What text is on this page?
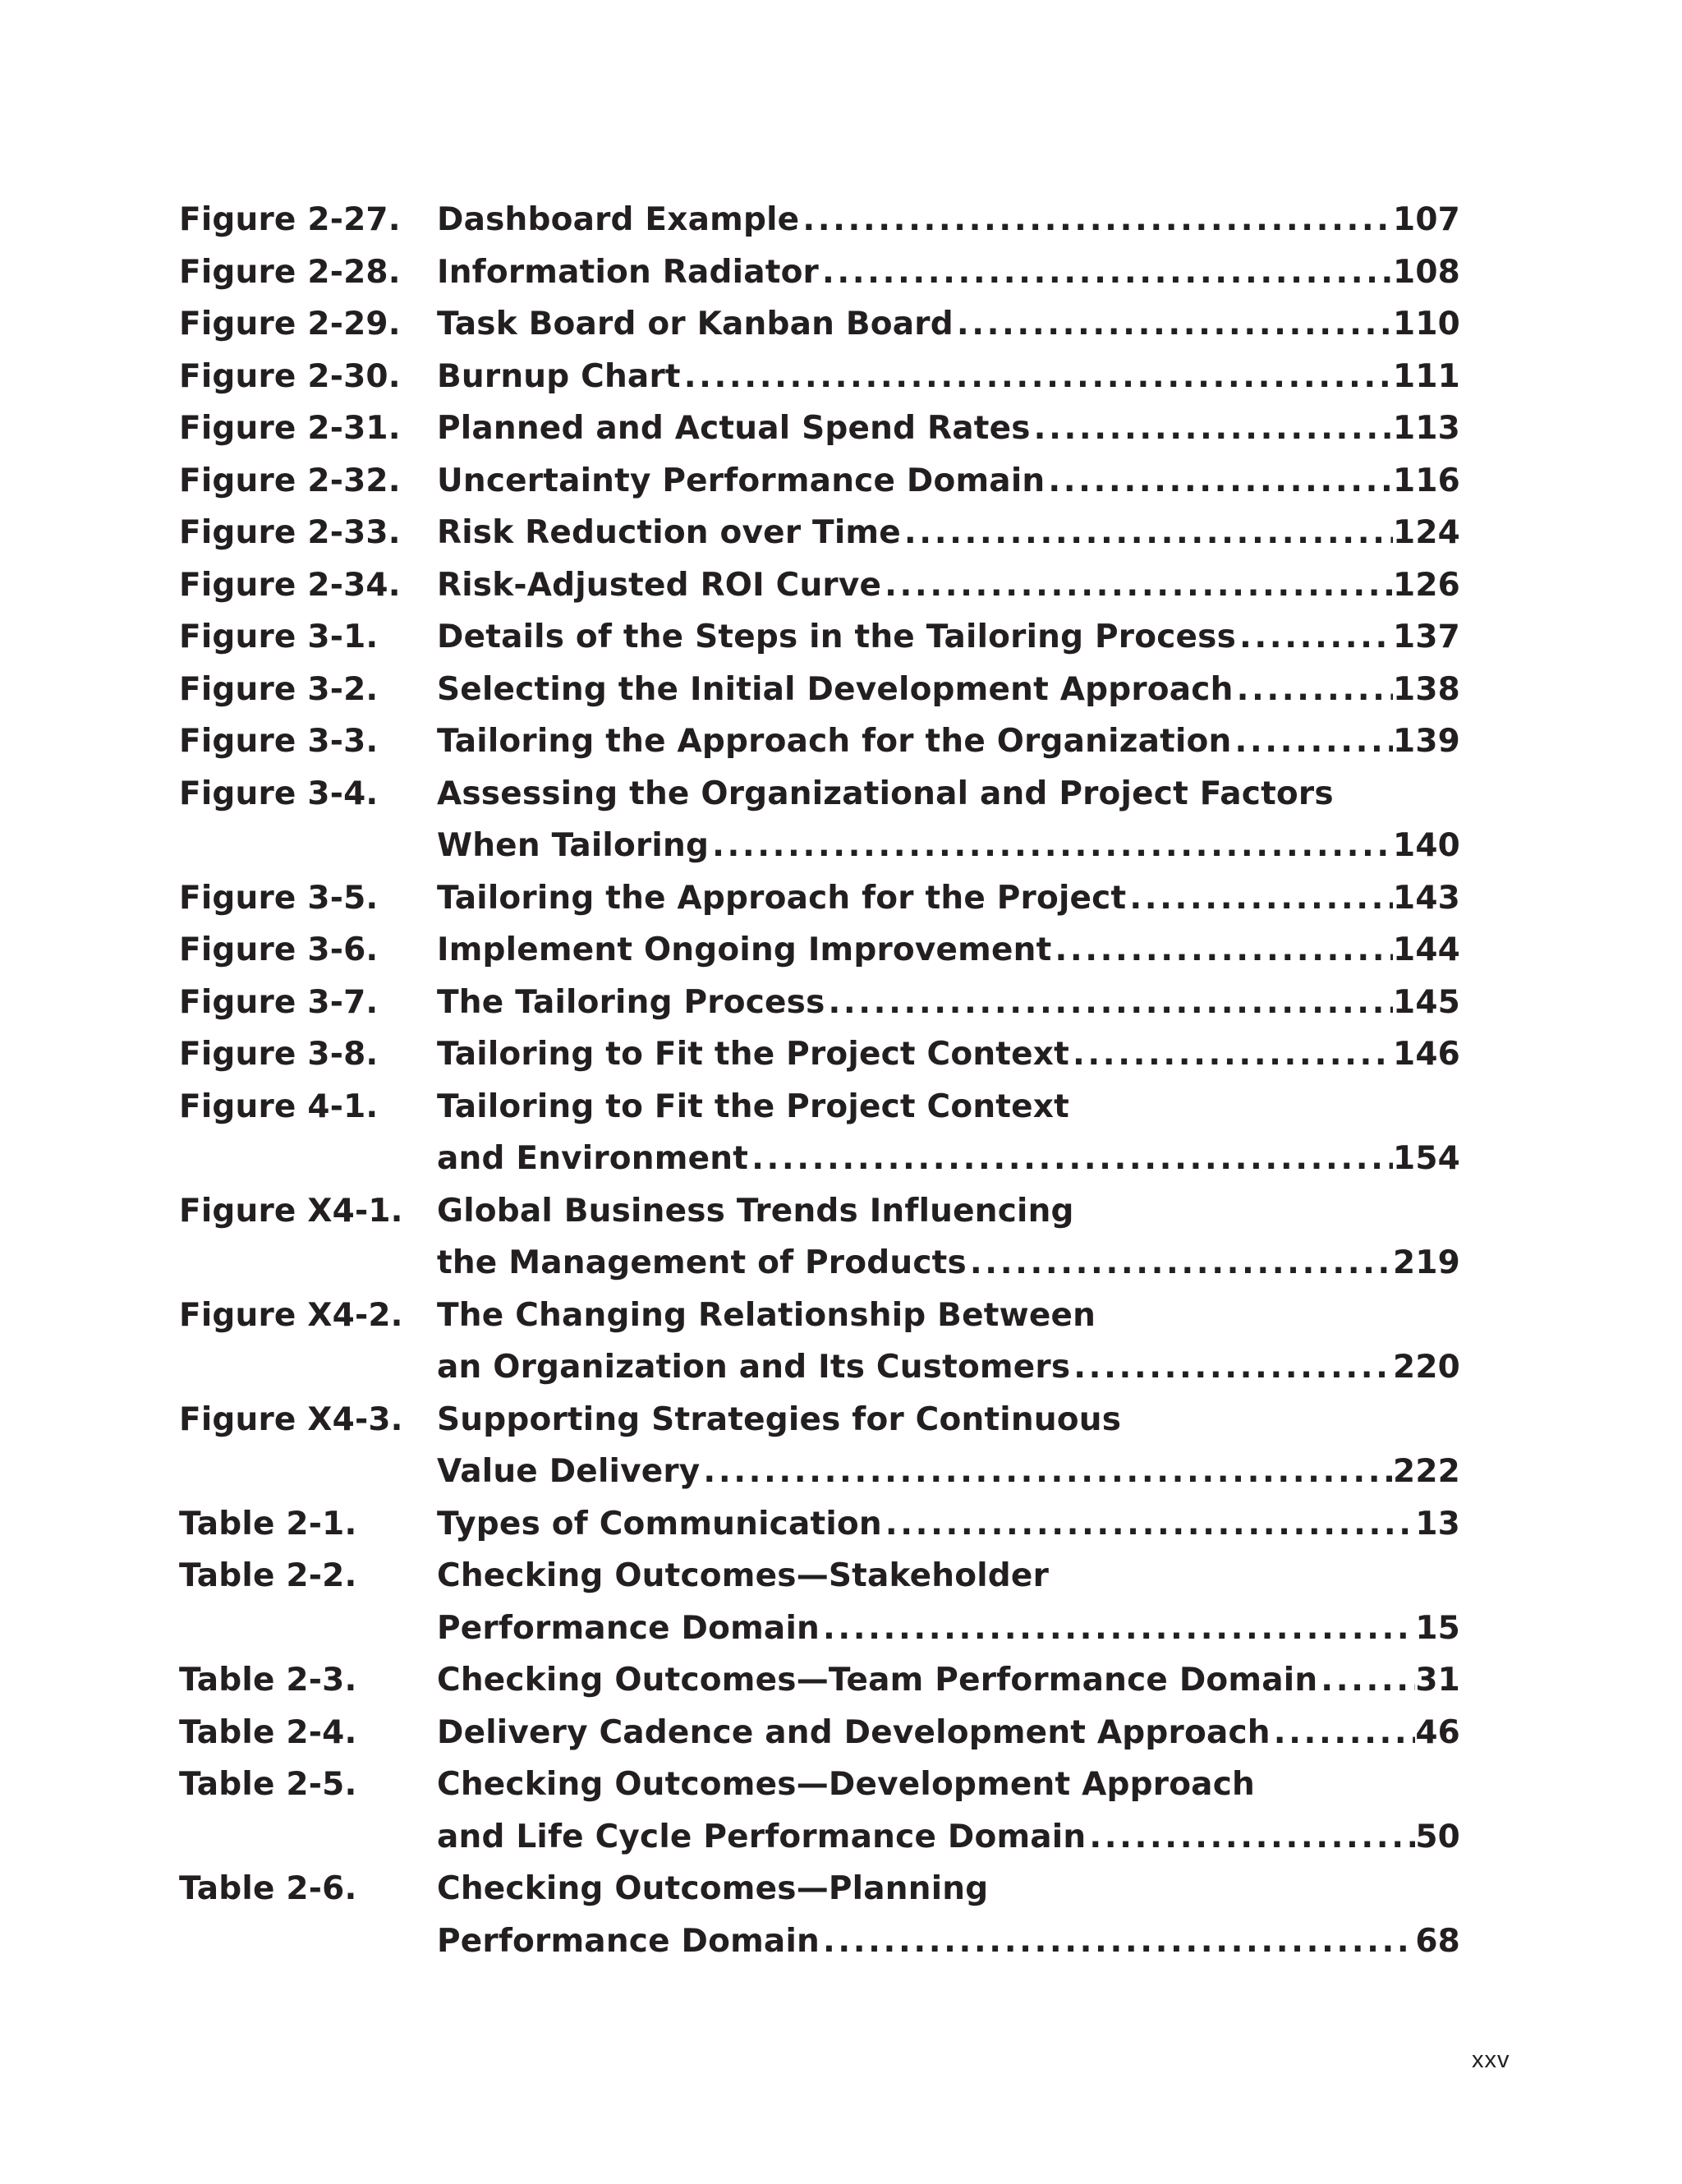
Figure 2-27.	Dashboard Example . . .	107
Figure 2-28.	Information Radiator . . .	108
Figure 2-29.	Task Board or Kanban Board . . .	110
Figure 2-30.	Burnup Chart . . .	111
Figure 2-31.	Planned and Actual Spend Rates . . .	113
Figure 2-32.	Uncertainty Performance Domain . . .	116
Figure 2-33.	Risk Reduction over Time . . .	124
Figure 2-34.	Risk-Adjusted ROI Curve . . .	126
Figure 3-1.	Details of the Steps in the Tailoring Process . . .	137
Figure 3-2.	Selecting the Initial Development Approach . . .	138
Figure 3-3.	Tailoring the Approach for the Organization . . .	139
Figure 3-4.	Assessing the Organizational and Project Factors
When Tailoring . . .	140
Figure 3-5.	Tailoring the Approach for the Project . . .	143
Figure 3-6.	Implement Ongoing Improvement . . .	144
Figure 3-7.	The Tailoring Process . . .	145
Figure 3-8.	Tailoring to Fit the Project Context . . .	146
Figure 4-1.	Tailoring to Fit the Project Context
and Environment . . .	154
Figure X4-1.	Global Business Trends Influencing
the Management of Products . . .	219
Figure X4-2.	The Changing Relationship Between
an Organization and Its Customers . . .	220
Figure X4-3.	Supporting Strategies for Continuous
Value Delivery . . .	222
Table 2-1.	Types of Communication . . .	13
Table 2-2.	Checking Outcomes—Stakeholder
Performance Domain . . .	15
Table 2-3.	Checking Outcomes—Team Performance Domain . . .	31
Table 2-4.	Delivery Cadence and Development Approach . . .	46
Table 2-5.	Checking Outcomes—Development Approach
and Life Cycle Performance Domain . . .	50
Table 2-6.	Checking Outcomes—Planning
Performance Domain . . .	68
xxv
